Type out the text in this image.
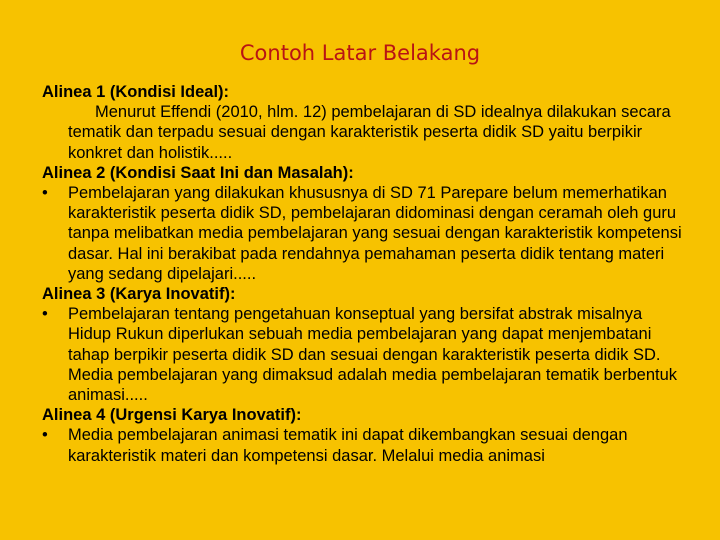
Contoh Latar Belakang
Alinea 1 (Kondisi Ideal):
Menurut Effendi (2010, hlm. 12) pembelajaran di SD idealnya dilakukan secara tematik dan terpadu sesuai dengan karakteristik peserta didik SD yaitu berpikir konkret dan holistik.....
Alinea 2 (Kondisi Saat Ini dan Masalah):
•	Pembelajaran yang dilakukan khususnya di SD 71 Parepare belum memerhatikan karakteristik peserta didik SD, pembelajaran didominasi dengan ceramah oleh guru tanpa melibatkan media pembelajaran yang sesuai dengan karakteristik kompetensi dasar. Hal ini berakibat pada rendahnya pemahaman peserta didik tentang materi yang sedang dipelajari.....
Alinea 3 (Karya Inovatif):
•	Pembelajaran tentang pengetahuan konseptual yang bersifat abstrak misalnya Hidup Rukun diperlukan sebuah media pembelajaran yang dapat menjembatani tahap berpikir peserta didik SD dan sesuai dengan karakteristik peserta didik SD. Media pembelajaran yang dimaksud adalah media pembelajaran tematik berbentuk animasi.....
Alinea 4 (Urgensi Karya Inovatif):
•	Media pembelajaran animasi tematik ini dapat dikembangkan sesuai dengan karakteristik materi dan kompetensi dasar. Melalui media animasi
